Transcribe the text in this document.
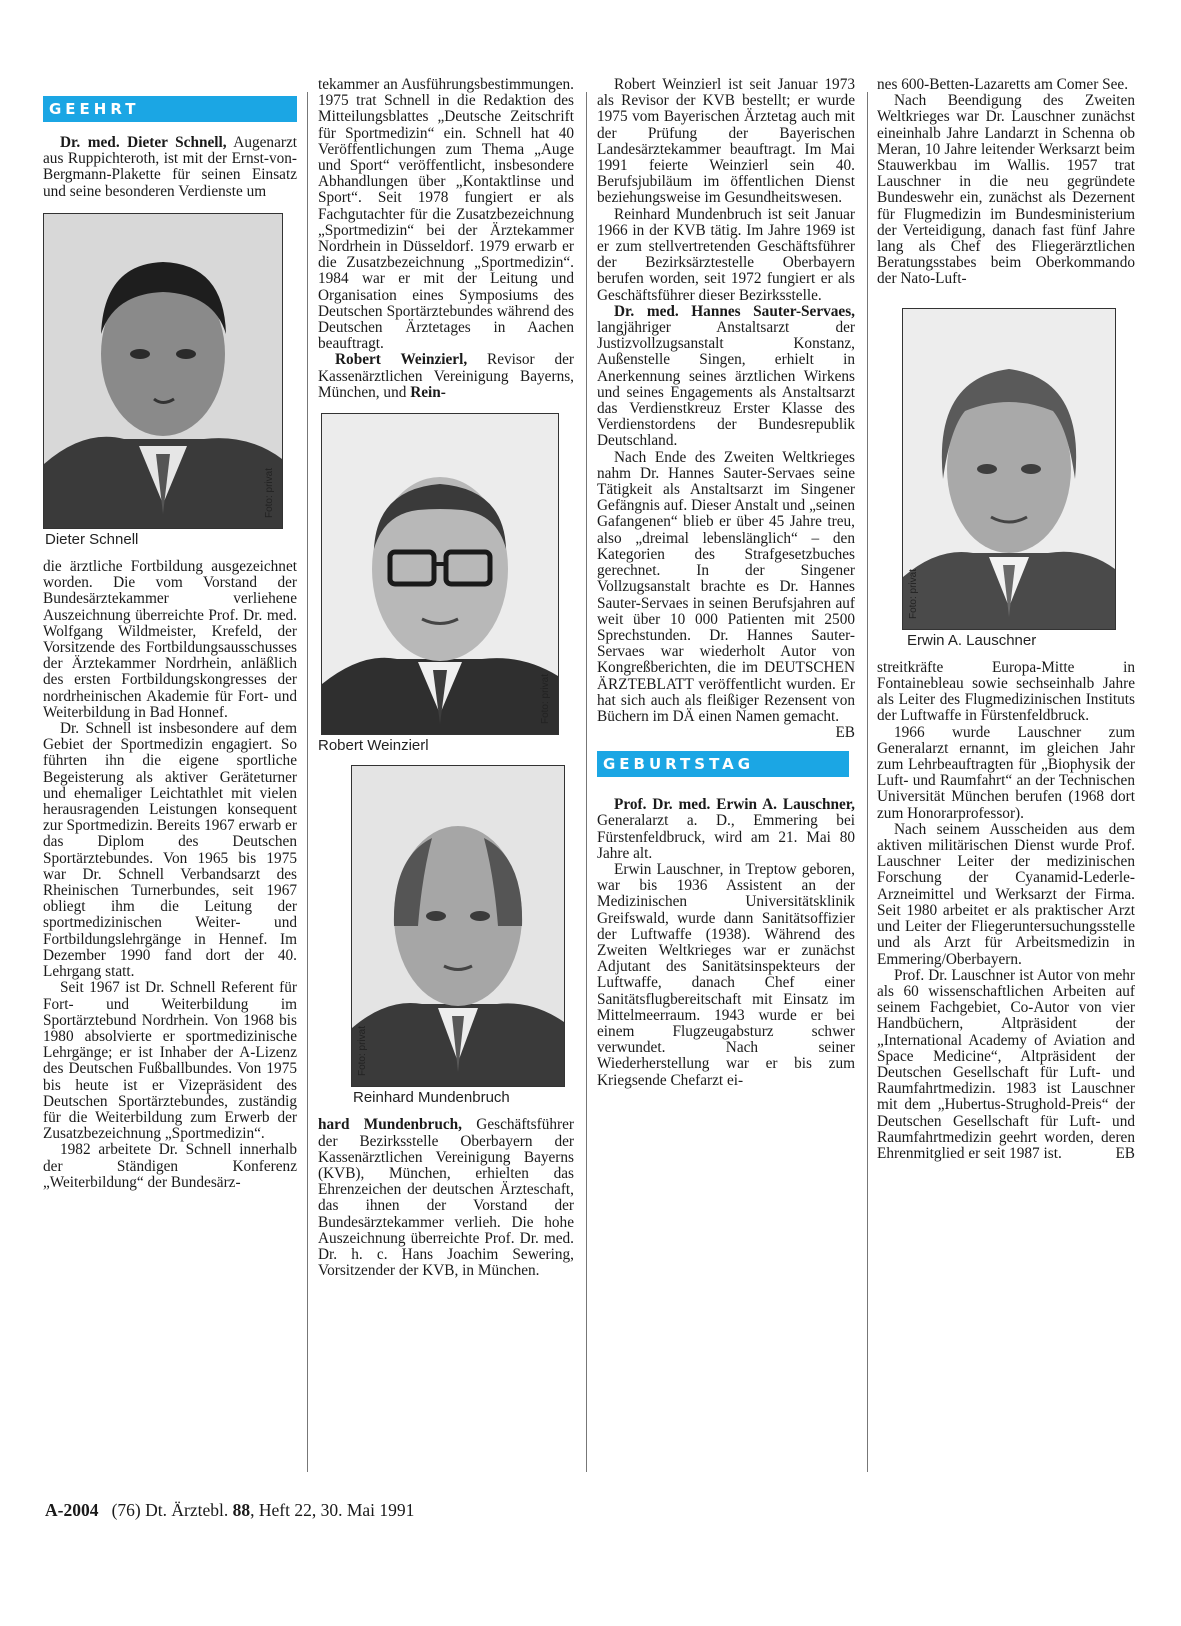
GEEHRT

Dr. med. Dieter Schnell, Augenarzt aus Ruppichteroth, ist mit der Ernst-von-Bergmann-Plakette für seinen Einsatz und seine besonderen Verdienste um

Foto: privat
Dieter Schnell

die ärztliche Fortbildung ausgezeichnet worden. Die vom Vorstand der Bundesärztekammer verliehene Auszeichnung überreichte Prof. Dr. med. Wolfgang Wildmeister, Krefeld, der Vorsitzende des Fortbildungsausschusses der Ärztekammer Nordrhein, anläßlich des ersten Fortbildungskongresses der nordrheinischen Akademie für Fort- und Weiterbildung in Bad Honnef.

Dr. Schnell ist insbesondere auf dem Gebiet der Sportmedizin engagiert. So führten ihn die eigene sportliche Begeisterung als aktiver Geräteturner und ehemaliger Leichtathlet mit vielen herausragenden Leistungen konsequent zur Sportmedizin. Bereits 1967 erwarb er das Diplom des Deutschen Sportärztebundes. Von 1965 bis 1975 war Dr. Schnell Verbandsarzt des Rheinischen Turnerbundes, seit 1967 obliegt ihm die Leitung der sportmedizinischen Weiter- und Fortbildungslehrgänge in Hennef. Im Dezember 1990 fand dort der 40. Lehrgang statt.

Seit 1967 ist Dr. Schnell Referent für Fort- und Weiterbildung im Sportärztebund Nordrhein. Von 1968 bis 1980 absolvierte er sportmedizinische Lehrgänge; er ist Inhaber der A-Lizenz des Deutschen Fußballbundes. Von 1975 bis heute ist er Vizepräsident des Deutschen Sportärztebundes, zuständig für die Weiterbildung zum Erwerb der Zusatzbezeichnung „Sportmedizin“.

1982 arbeitete Dr. Schnell innerhalb der Ständigen Konferenz „Weiterbildung“ der Bundesärz-

tekammer an Ausführungsbestimmungen. 1975 trat Schnell in die Redaktion des Mitteilungsblattes „Deutsche Zeitschrift für Sportmedizin“ ein. Schnell hat 40 Veröffentlichungen zum Thema „Auge und Sport“ veröffentlicht, insbesondere Abhandlungen über „Kontaktlinse und Sport“. Seit 1978 fungiert er als Fachgutachter für die Zusatzbezeichnung „Sportmedizin“ bei der Ärztekammer Nordrhein in Düsseldorf. 1979 erwarb er die Zusatzbezeichnung „Sportmedizin“. 1984 war er mit der Leitung und Organisation eines Symposiums des Deutschen Sportärztebundes während des Deutschen Ärztetages in Aachen beauftragt.

Robert Weinzierl, Revisor der Kassenärztlichen Vereinigung Bayerns, München, und Rein-

Foto: privat
Robert Weinzierl
Foto: privat
Reinhard Mundenbruch

hard Mundenbruch, Geschäftsführer der Bezirksstelle Oberbayern der Kassenärztlichen Vereinigung Bayerns (KVB), München, erhielten das Ehrenzeichen der deutschen Ärzteschaft, das ihnen der Vorstand der Bundesärztekammer verlieh. Die hohe Auszeichnung überreichte Prof. Dr. med. Dr. h. c. Hans Joachim Sewering, Vorsitzender der KVB, in München.

Robert Weinzierl ist seit Januar 1973 als Revisor der KVB bestellt; er wurde 1975 vom Bayerischen Ärztetag auch mit der Prüfung der Bayerischen Landesärztekammer beauftragt. Im Mai 1991 feierte Weinzierl sein 40. Berufsjubiläum im öffentlichen Dienst beziehungsweise im Gesundheitswesen.

Reinhard Mundenbruch ist seit Januar 1966 in der KVB tätig. Im Jahre 1969 ist er zum stellvertretenden Geschäftsführer der Bezirksärztestelle Oberbayern berufen worden, seit 1972 fungiert er als Geschäftsführer dieser Bezirksstelle.

Dr. med. Hannes Sauter-Servaes, langjähriger Anstaltsarzt der Justizvollzugsanstalt Konstanz, Außenstelle Singen, erhielt in Anerkennung seines ärztlichen Wirkens und seines Engagements als Anstaltsarzt das Verdienstkreuz Erster Klasse des Verdienstordens der Bundesrepublik Deutschland.

Nach Ende des Zweiten Weltkrieges nahm Dr. Hannes Sauter-Servaes seine Tätigkeit als Anstaltsarzt im Singener Gefängnis auf. Dieser Anstalt und „seinen Gafangenen“ blieb er über 45 Jahre treu, also „dreimal lebenslänglich“ – den Kategorien des Strafgesetzbuches gerechnet. In der Singener Vollzugsanstalt brachte es Dr. Hannes Sauter-Servaes in seinen Berufsjahren auf weit über 10 000 Patienten mit 2500 Sprechstunden. Dr. Hannes Sauter-Servaes war wiederholt Autor von Kongreßberichten, die im DEUTSCHEN ÄRZTEBLATT veröffentlicht wurden. Er hat sich auch als fleißiger Rezensent von Büchern im DÄ einen Namen gemacht.
EB

GEBURTSTAG

Prof. Dr. med. Erwin A. Lauschner, Generalarzt a. D., Emmering bei Fürstenfeldbruck, wird am 21. Mai 80 Jahre alt.

Erwin Lauschner, in Treptow geboren, war bis 1936 Assistent an der Medizinischen Universitätsklinik Greifswald, wurde dann Sanitätsoffizier der Luftwaffe (1938). Während des Zweiten Weltkrieges war er zunächst Adjutant des Sanitätsinspekteurs der Luftwaffe, danach Chef einer Sanitätsflugbereitschaft mit Einsatz im Mittelmeerraum. 1943 wurde er bei einem Flugzeugabsturz schwer verwundet. Nach seiner Wiederherstellung war er bis zum Kriegsende Chefarzt ei-

nes 600-Betten-Lazaretts am Comer See.

Nach Beendigung des Zweiten Weltkrieges war Dr. Lauschner zunächst eineinhalb Jahre Landarzt in Schenna ob Meran, 10 Jahre leitender Werksarzt beim Stauwerkbau im Wallis. 1957 trat Lauschner in die neu gegründete Bundeswehr ein, zunächst als Dezernent für Flugmedizin im Bundesministerium der Verteidigung, danach fast fünf Jahre lang als Chef des Fliegerärztlichen Beratungsstabes beim Oberkommando der Nato-Luft-

Foto: privat
Erwin A. Lauschner

streitkräfte Europa-Mitte in Fontainebleau sowie sechseinhalb Jahre als Leiter des Flugmedizinischen Instituts der Luftwaffe in Fürstenfeldbruck.

1966 wurde Lauschner zum Generalarzt ernannt, im gleichen Jahr zum Lehrbeauftragten für „Biophysik der Luft- und Raumfahrt“ an der Technischen Universität München berufen (1968 dort zum Honorarprofessor).

Nach seinem Ausscheiden aus dem aktiven militärischen Dienst wurde Prof. Lauschner Leiter der medizinischen Forschung der Cyanamid-Lederle-Arzneimittel und Werksarzt der Firma. Seit 1980 arbeitet er als praktischer Arzt und Leiter der Fliegeruntersuchungsstelle und als Arzt für Arbeitsmedizin in Emmering/Oberbayern.

Prof. Dr. Lauschner ist Autor von mehr als 60 wissenschaftlichen Arbeiten auf seinem Fachgebiet, Co-Autor von vier Handbüchern, Altpräsident der „International Academy of Aviation and Space Medicine“, Altpräsident der Deutschen Gesellschaft für Luft- und Raumfahrtmedizin. 1983 ist Lauschner mit dem „Hubertus-Strughold-Preis“ der Deutschen Gesellschaft für Luft- und Raumfahrtmedizin geehrt worden, deren Ehrenmitglied er seit 1987 ist.	EB

A-2004 (76) Dt. Ärztebl. 88, Heft 22, 30. Mai 1991
